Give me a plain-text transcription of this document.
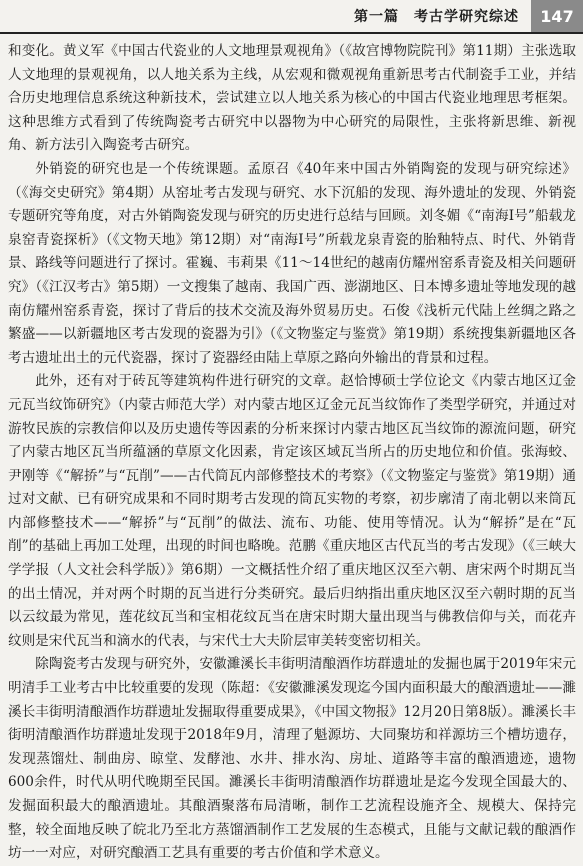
第一篇　考古学研究综述	147

和变化。黄义军《中国古代瓷业的人文地理景观视角》（《故宫博物院院刊》第11期）主张选取人文地理的景观视角，以人地关系为主线，从宏观和微观视角重新思考古代制瓷手工业，并结合历史地理信息系统这种新技术，尝试建立以人地关系为核心的中国古代瓷业地理思考框架。这种思维方式看到了传统陶瓷考古研究中以器物为中心研究的局限性，主张将新思维、新视角、新方法引入陶瓷考古研究。

外销瓷的研究也是一个传统课题。孟原召《40年来中国古外销陶瓷的发现与研究综述》（《海交史研究》第4期）从窑址考古发现与研究、水下沉船的发现、海外遗址的发现、外销瓷专题研究等角度，对古外销陶瓷发现与研究的历史进行总结与回顾。刘冬媚《“南海Ⅰ号”船载龙泉窑青瓷探析》（《文物天地》第12期）对“南海Ⅰ号”所载龙泉青瓷的胎釉特点、时代、外销背景、路线等问题进行了探讨。霍巍、韦莉果《11～14世纪的越南仿耀州窑系青瓷及相关问题研究》（《江汉考古》第5期）一文搜集了越南、我国广西、澎湖地区、日本博多遗址等地发现的越南仿耀州窑系青瓷，探讨了背后的技术交流及海外贸易历史。石俊《浅析元代陆上丝绸之路之繁盛——以新疆地区考古发现的瓷器为引》（《文物鉴定与鉴赏》第19期）系统搜集新疆地区各考古遗址出土的元代瓷器，探讨了瓷器经由陆上草原之路向外输出的背景和过程。

此外，还有对于砖瓦等建筑构件进行研究的文章。赵恰博硕士学位论文《内蒙古地区辽金元瓦当纹饰研究》（内蒙古师范大学）对内蒙古地区辽金元瓦当纹饰作了类型学研究，并通过对游牧民族的宗教信仰以及历史遗传等因素的分析来探讨内蒙古地区瓦当纹饰的源流问题，研究了内蒙古地区瓦当所蕴涵的草原文化因素，肯定该区域瓦当所占的历史地位和价值。张海蛟、尹刚等《“解挢”与“瓦削”——古代筒瓦内部修整技术的考察》（《文物鉴定与鉴赏》第19期）通过对文献、已有研究成果和不同时期考古发现的筒瓦实物的考察，初步廓清了南北朝以来筒瓦内部修整技术——“解挢”与“瓦削”的做法、流布、功能、使用等情况。认为“解挢”是在“瓦削”的基础上再加工处理，出现的时间也略晚。范鹏《重庆地区古代瓦当的考古发现》（《三峡大学学报（人文社会科学版）》第6期）一文概括性介绍了重庆地区汉至六朝、唐宋两个时期瓦当的出土情况，并对两个时期的瓦当进行分类研究。最后归纳指出重庆地区汉至六朝时期的瓦当以云纹最为常见，莲花纹瓦当和宝相花纹瓦当在唐宋时期大量出现当与佛教信仰与关，而花卉纹则是宋代瓦当和滴水的代表，与宋代士大夫阶层审美转变密切相关。

除陶瓷考古发现与研究外，安徽濉溪长丰街明清酿酒作坊群遗址的发掘也属于2019年宋元明清手工业考古中比较重要的发现（陈超：《安徽濉溪发现迄今国内面积最大的酿酒遗址——濉溪长丰街明清酿酒作坊群遗址发掘取得重要成果》，《中国文物报》12月20日第8版）。濉溪长丰街明清酿酒作坊群遗址发现于2018年9月，清理了魁源坊、大同聚坊和祥源坊三个槽坊遗存，发现蒸馏灶、制曲房、晾堂、发酵池、水井、排水沟、房址、道路等丰富的酿酒遗迹，遗物600余件，时代从明代晚期至民国。濉溪长丰街明清酿酒作坊群遗址是迄今发现全国最大的、发掘面积最大的酿酒遗址。其酿酒聚落布局清晰，制作工艺流程设施齐全、规模大、保持完整，较全面地反映了皖北乃至北方蒸馏酒制作工艺发展的生态模式，且能与文献记载的酿酒作坊一一对应，对研究酿酒工艺具有重要的考古价值和学术意义。
